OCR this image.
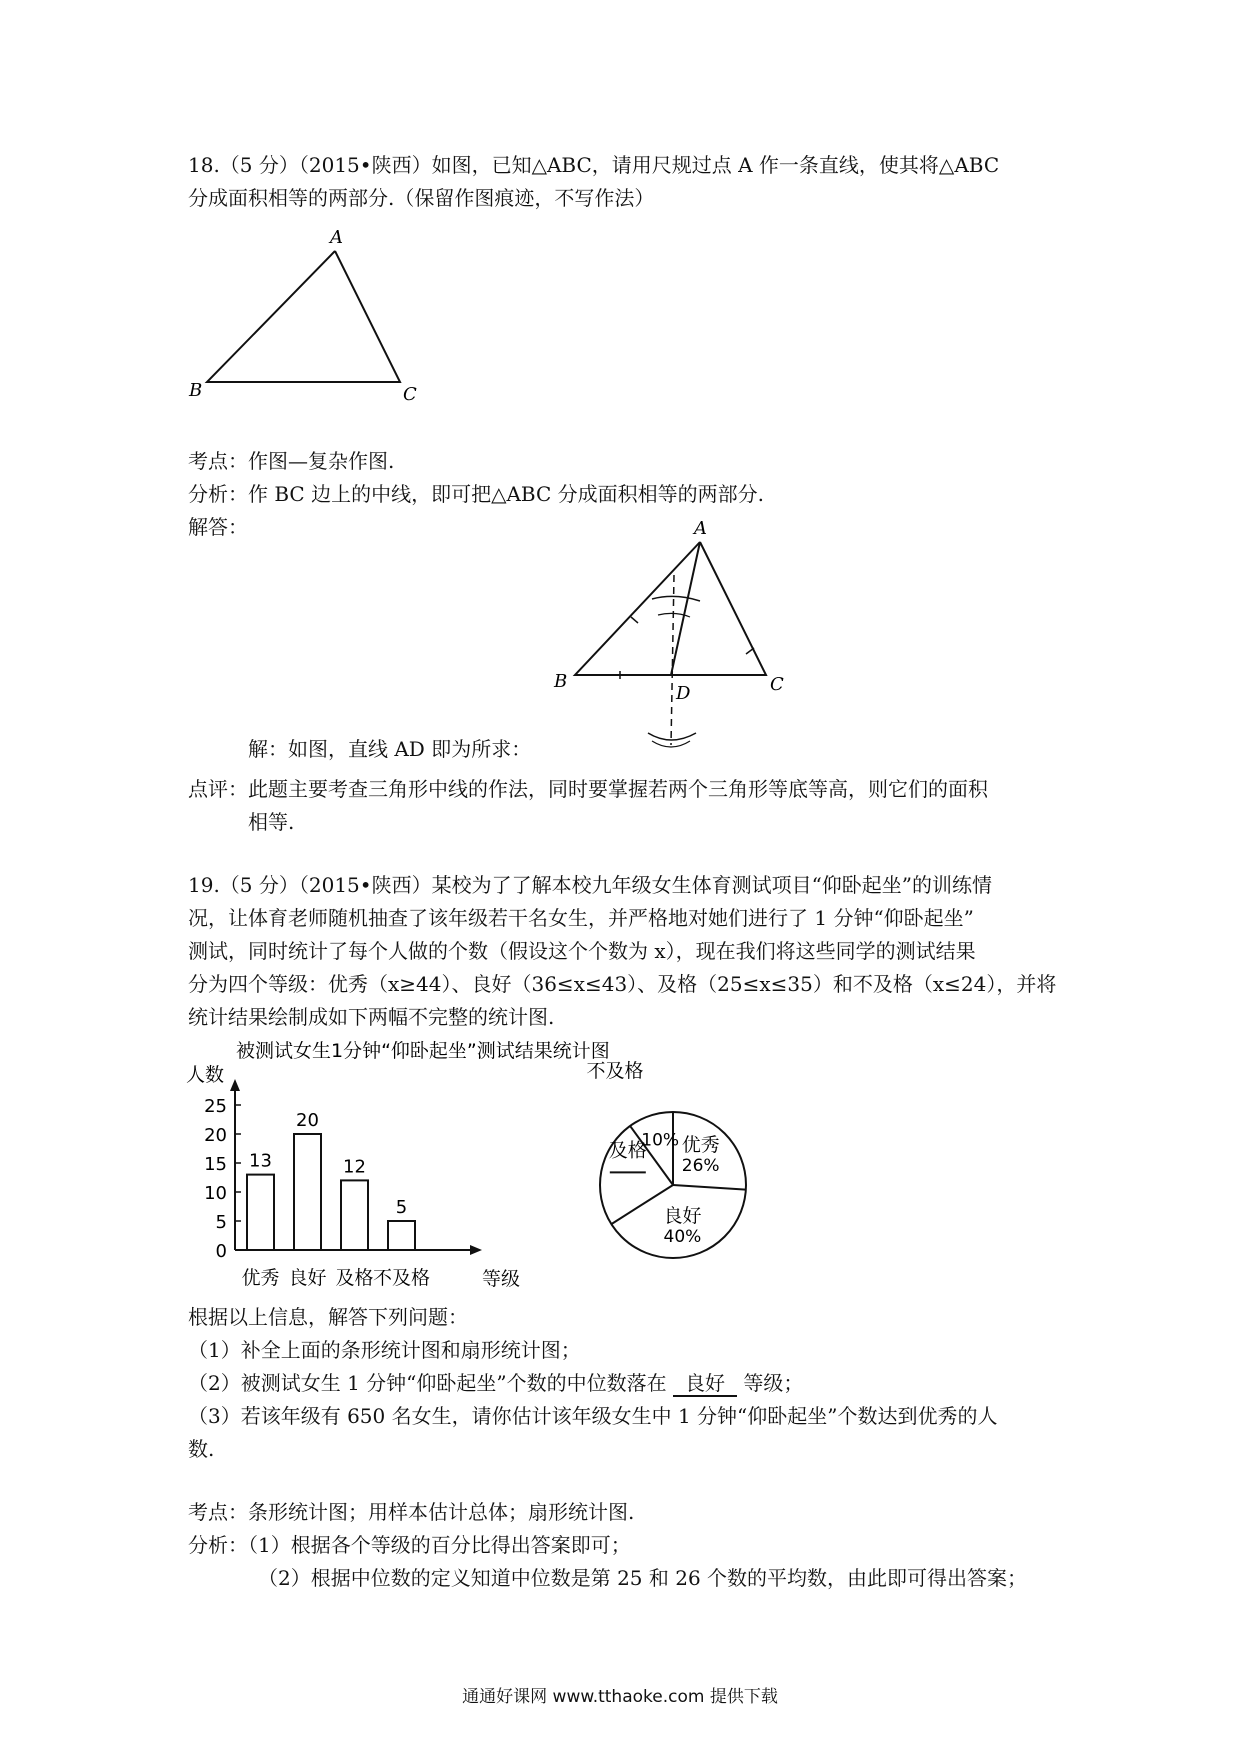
18.（5 分）（2015•陕西）如图，已知△ABC，请用尺规过点 A 作一条直线，使其将△ABC
分成面积相等的两部分.（保留作图痕迹，不写作法）
A
B	C
考点：作图—复杂作图.
分析：作 BC 边上的中线，即可把△ABC 分成面积相等的两部分.
解答：	A
B	C
D
解：如图，直线 AD 即为所求：
点评：此题主要考查三角形中线的作法，同时要掌握若两个三角形等底等高，则它们的面积
相等.
19.（5 分）（2015•陕西）某校为了了解本校九年级女生体育测试项目“仰卧起坐”的训练情
况，让体育老师随机抽查了该年级若干名女生，并严格地对她们进行了 1 分钟“仰卧起坐”
测试，同时统计了每个人做的个数（假设这个个数为 x），现在我们将这些同学的测试结果
分为四个等级：优秀（x≥44）、良好（36≤x≤43）、及格（25≤x≤35）和不及格（x≤24），并将
统计结果绘制成如下两幅不完整的统计图.
被测试女生1分钟“仰卧起坐”测试结果统计图
人数
等级
0
5
10
15
20
25
13
优秀
20
良好
12
及格
5
不及格
优秀
26%
良好
40%
及格
不及格
10%
根据以上信息，解答下列问题：
（1）补全上面的条形统计图和扇形统计图；
（2）被测试女生 1 分钟“仰卧起坐”个数的中位数落在 良好 等级；
（3）若该年级有 650 名女生，请你估计该年级女生中 1 分钟“仰卧起坐”个数达到优秀的人
数.
考点：条形统计图；用样本估计总体；扇形统计图.
分析：（1）根据各个等级的百分比得出答案即可；
（2）根据中位数的定义知道中位数是第 25 和 26 个数的平均数，由此即可得出答案；
通通好课网 www.tthaoke.com 提供下载
